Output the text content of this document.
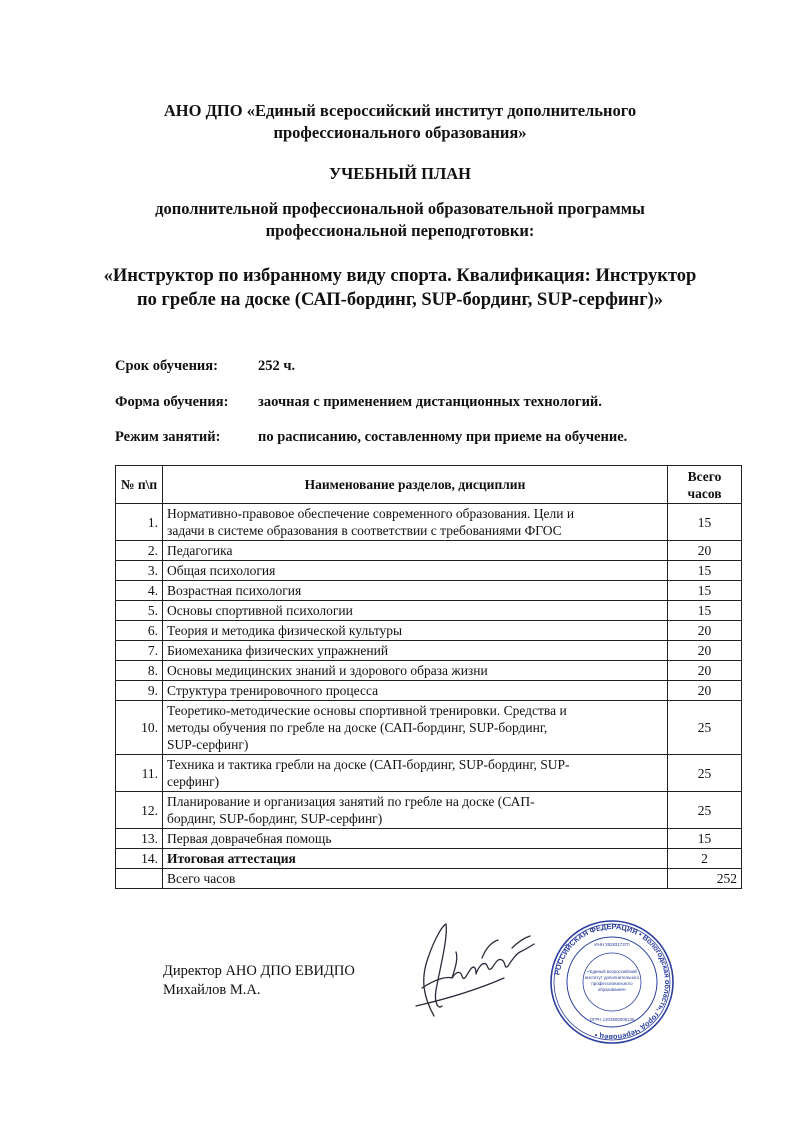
АНО ДПО «Единый всероссийский институт дополнительного
профессионального образования»
УЧЕБНЫЙ ПЛАН
дополнительной профессиональной образовательной программы
профессиональной переподготовки:
«Инструктор по избранному виду спорта. Квалификация: Инструктор
по гребле на доске (САП-бординг, SUP-бординг, SUP-серфинг)»
Срок обучения:	252 ч.
Форма обучения: заочная с применением дистанционных технологий.
Режим занятий:	по расписанию, составленному при приеме на обучение.
№ п\п	Наименование разделов, дисциплин	Всего
часов

1.	Нормативно-правовое обеспечение современного образования. Цели и
задачи в системе образования в соответствии с требованиями ФГОС	15
2.	Педагогика	20
3.	Общая психология	15
4.	Возрастная психология	15
5.	Основы спортивной психологии	15
6.	Теория и методика физической культуры	20
7.	Биомеханика физических упражнений	20
8.	Основы медицинских знаний и здорового образа жизни	20
9.	Структура тренировочного процесса	20
10.	Теоретико-методические основы спортивной тренировки. Средства и
методы обучения по гребле на доске (САП-бординг, SUP-бординг,
SUP-серфинг)	25
11.	Техника и тактика гребли на доске (САП-бординг, SUP-бординг, SUP-
серфинг)	25
12.	Планирование и организация занятий по гребле на доске (САП-
бординг, SUP-бординг, SUP-серфинг)	25
13.	Первая доврачебная помощь	15
14.	Итоговая аттестация	2
	Всего часов	252
Директор АНО ДПО ЕВИДПО
Михайлов М.А.
РОССИЙСКАЯ ФЕДЕРАЦИЯ • Вологодская область, город Череповец •
ИНН 3528317370
«Единый всероссийский
институт дополнительного
профессионального
образования»
ОГРН 1203500005135
